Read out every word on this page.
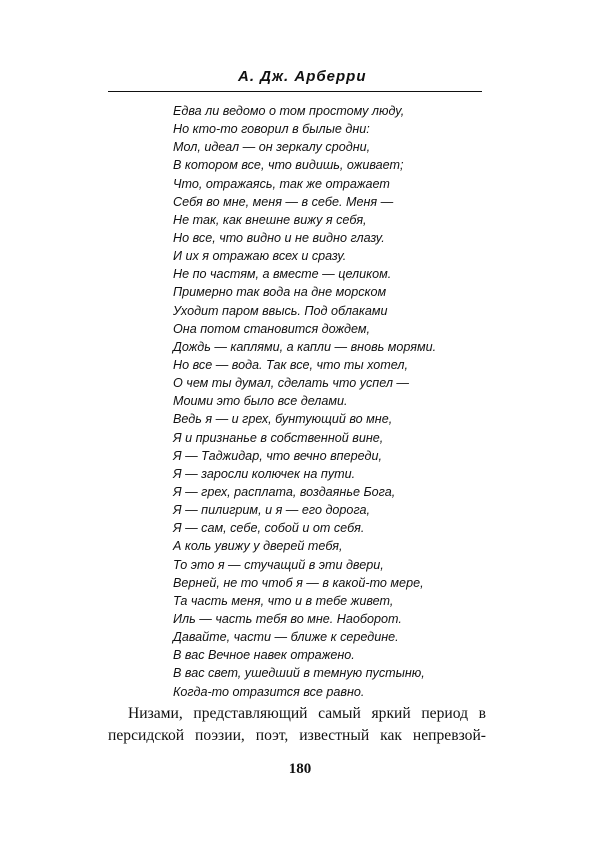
А. Дж. Арберри
Едва ли ведомо о том простому люду,
Но кто-то говорил в былые дни:
Мол, идеал — он зеркалу сродни,
В котором все, что видишь, оживает;
Что, отражаясь, так же отражает
Себя во мне, меня — в себе. Меня —
Не так, как внешне вижу я себя,
Но все, что видно и не видно глазу.
И их я отражаю всех и сразу.
Не по частям, а вместе — целиком.
Примерно так вода на дне морском
Уходит паром ввысь. Под облаками
Она потом становится дождем,
Дождь — каплями, а капли — вновь морями.
Но все — вода. Так все, что ты хотел,
О чем ты думал, сделать что успел —
Моими это было все делами.
Ведь я — и грех, бунтующий во мне,
Я и признанье в собственной вине,
Я — Таджидар, что вечно впереди,
Я — заросли колючек на пути.
Я — грех, расплата, воздаянье Бога,
Я — пилигрим, и я — его дорога,
Я — сам, себе, собой и от себя.
А коль увижу у дверей тебя,
То это я — стучащий в эти двери,
Верней, не то чтоб я — в какой-то мере,
Та часть меня, что и в тебе живет,
Иль — часть тебя во мне. Наоборот.
Давайте, части — ближе к середине.
В вас Вечное навек отражено.
В вас свет, ушедший в темную пустыню,
Когда-то отразится все равно.

Низами, представляющий самый яркий период в
персидской поэзии, поэт, известный как непревзой-

180
